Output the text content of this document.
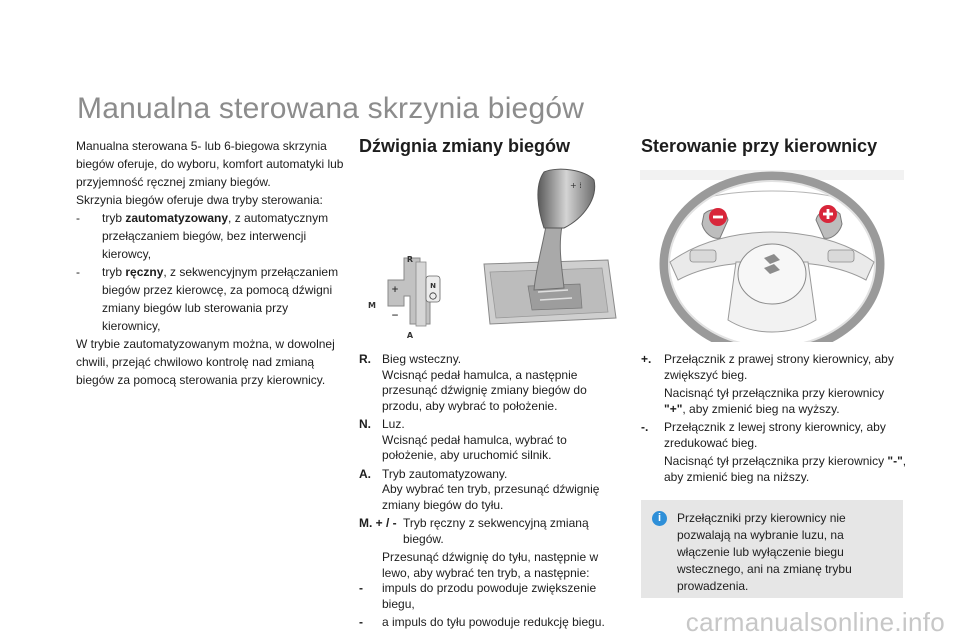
Manualna sterowana skrzynia biegów

Manualna sterowana 5- lub 6-biegowa skrzynia biegów oferuje, do wyboru, komfort automatyki lub przyjemność ręcznej zmiany biegów.

Skrzynia biegów oferuje dwa tryby sterowania:

- tryb zautomatyzowany, z automatycznym przełączaniem biegów, bez interwencji kierowcy,

- tryb ręczny, z sekwencyjnym przełączaniem biegów przez kierowcę, za pomocą dźwigni zmiany biegów lub sterowania przy kierownicy,

W trybie zautomatyzowanym można, w dowolnej chwili, przejąć chwilowo kontrolę nad zmianą biegów za pomocą sterowania przy kierownicy.

Dźwignia zmiany biegów
+ ⁞
+
M
−
R
A
N
R. Bieg wsteczny.
Wcisnąć pedał hamulca, a następnie przesunąć dźwignię zmiany biegów do przodu, aby wybrać to położenie.
N. Luz.
Wcisnąć pedał hamulca, wybrać to położenie, aby uruchomić silnik.
A. Tryb zautomatyzowany.
Aby wybrać ten tryb, przesunąć dźwignię zmiany biegów do tyłu.
M. + / - Tryb ręczny z sekwencyjną zmianą biegów.
Przesunąć dźwignię do tyłu, następnie w lewo, aby wybrać ten tryb, a następnie:
- impuls do przodu powoduje zwiększenie biegu,
- a impuls do tyłu powoduje redukcję biegu.
Sterowanie przy kierownicy
+. Przełącznik z prawej strony kierownicy, aby zwiększyć bieg.
Nacisnąć tył przełącznika przy kierownicy "+", aby zmienić bieg na wyższy.
-. Przełącznik z lewej strony kierownicy, aby zredukować bieg.
Nacisnąć tył przełącznika przy kierownicy "-", aby zmienić bieg na niższy.
i	Przełączniki przy kierownicy nie pozwalają na wybranie luzu, na włączenie lub wyłączenie biegu wstecznego, ani na zmianę trybu prowadzenia.
carmanualsonline.info
